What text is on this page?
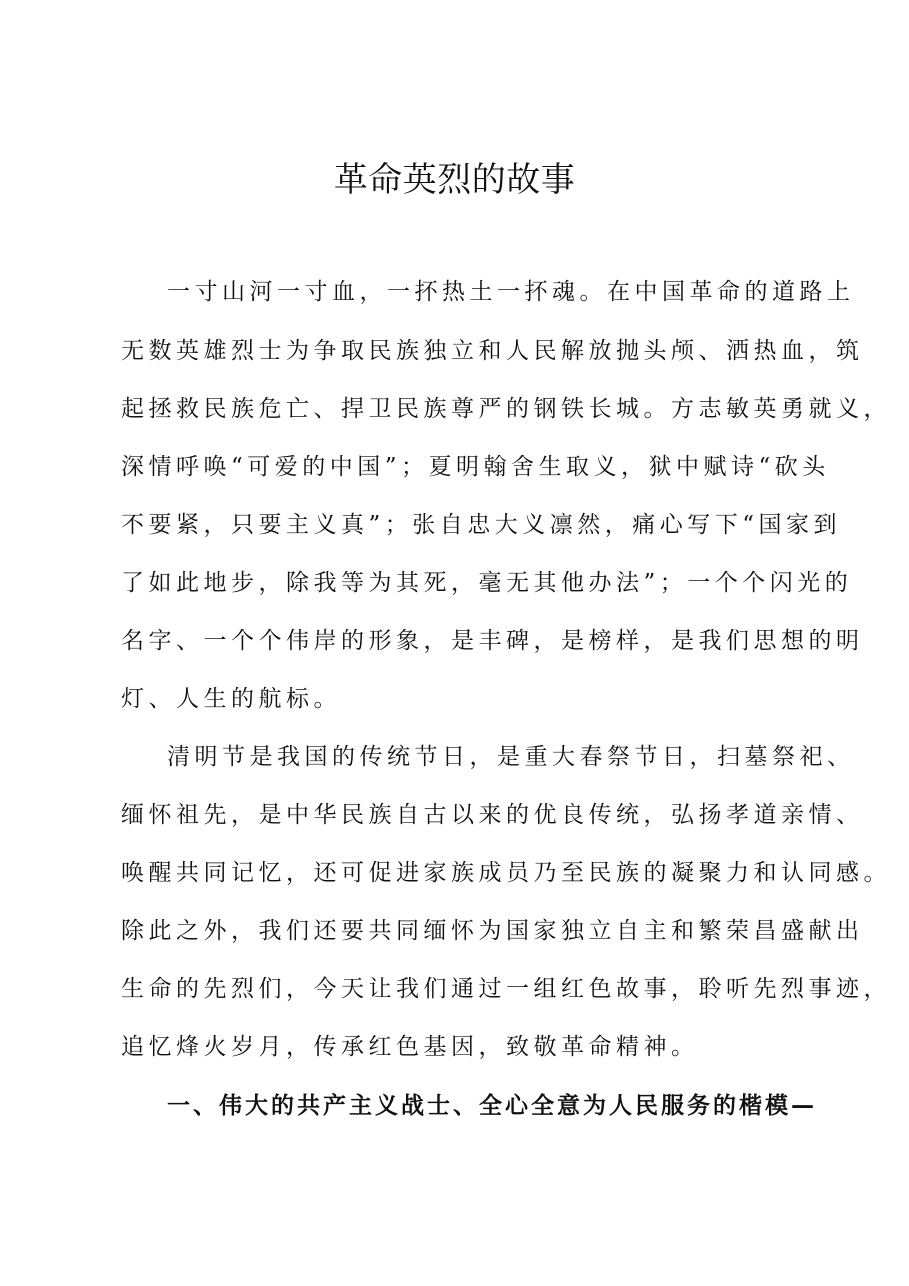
革命英烈的故事
一寸山河一寸血，一抔热土一抔魂。在中国革命的道路上
无数英雄烈士为争取民族独立和人民解放抛头颅、洒热血，筑
起拯救民族危亡、捍卫民族尊严的钢铁长城。方志敏英勇就义，
深情呼唤“可爱的中国”；夏明翰舍生取义，狱中赋诗“砍头
不要紧，只要主义真”；张自忠大义凛然，痛心写下“国家到
了如此地步，除我等为其死，毫无其他办法”；一个个闪光的
名字、一个个伟岸的形象，是丰碑，是榜样，是我们思想的明
灯、人生的航标。
清明节是我国的传统节日，是重大春祭节日，扫墓祭祀、
缅怀祖先，是中华民族自古以来的优良传统，弘扬孝道亲情、
唤醒共同记忆，还可促进家族成员乃至民族的凝聚力和认同感。
除此之外，我们还要共同缅怀为国家独立自主和繁荣昌盛献出
生命的先烈们，今天让我们通过一组红色故事，聆听先烈事迹，
追忆烽火岁月，传承红色基因，致敬革命精神。
一、伟大的共产主义战士、全心全意为人民服务的楷模—
